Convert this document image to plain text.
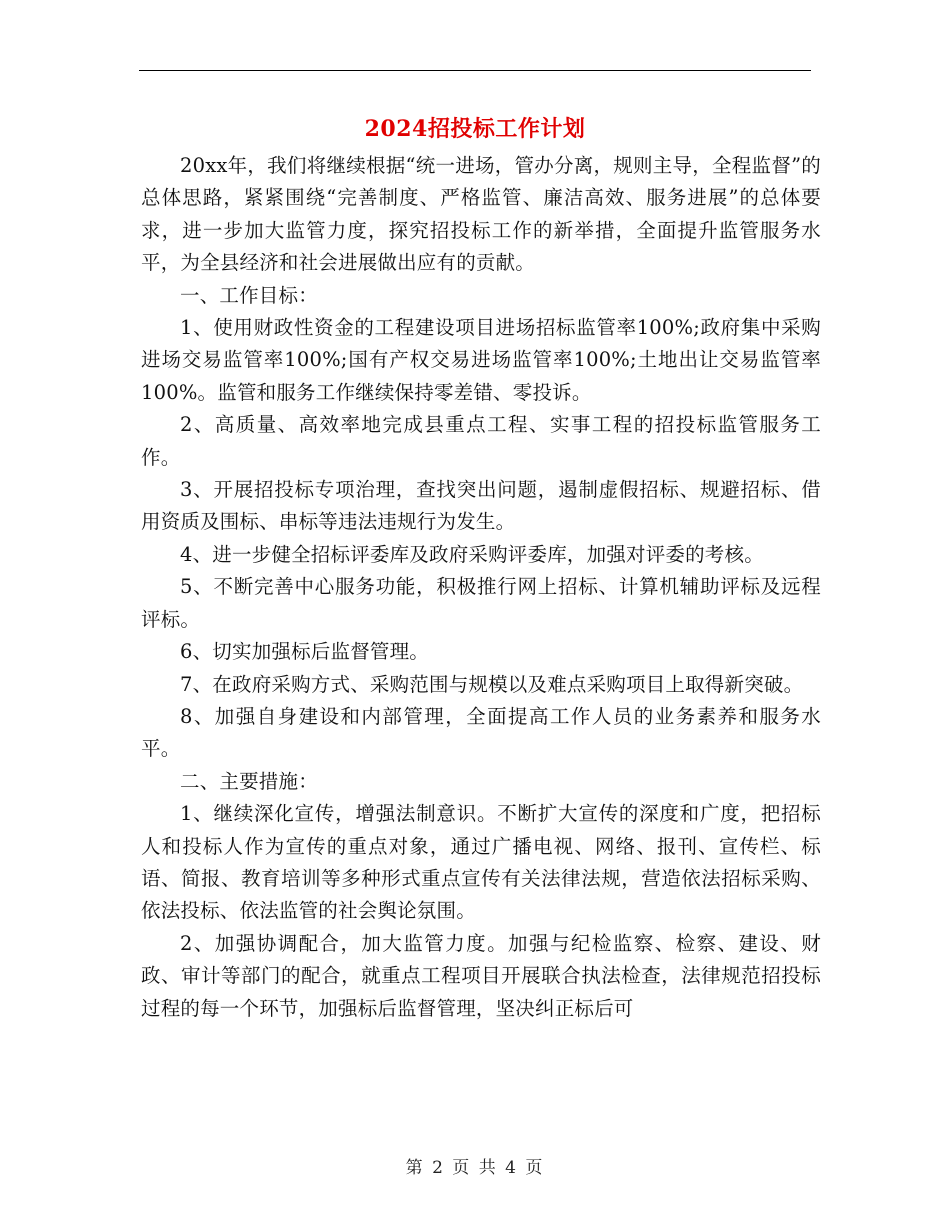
2024招投标工作计划

20xx年，我们将继续根据“统一进场，管办分离，规则主导，全程监督”的总体思路，紧紧围绕“完善制度、严格监管、廉洁高效、服务进展”的总体要求，进一步加大监管力度，探究招投标工作的新举措，全面提升监管服务水平，为全县经济和社会进展做出应有的贡献。

一、工作目标：

1、使用财政性资金的工程建设项目进场招标监管率100%;政府集中采购进场交易监管率100%;国有产权交易进场监管率100%;土地出让交易监管率100%。监管和服务工作继续保持零差错、零投诉。

2、高质量、高效率地完成县重点工程、实事工程的招投标监管服务工作。

3、开展招投标专项治理，查找突出问题，遏制虚假招标、规避招标、借用资质及围标、串标等违法违规行为发生。

4、进一步健全招标评委库及政府采购评委库，加强对评委的考核。

5、不断完善中心服务功能，积极推行网上招标、计算机辅助评标及远程评标。

6、切实加强标后监督管理。

7、在政府采购方式、采购范围与规模以及难点采购项目上取得新突破。

8、加强自身建设和内部管理，全面提高工作人员的业务素养和服务水平。

二、主要措施：

1、继续深化宣传，增强法制意识。不断扩大宣传的深度和广度，把招标人和投标人作为宣传的重点对象，通过广播电视、网络、报刊、宣传栏、标语、简报、教育培训等多种形式重点宣传有关法律法规，营造依法招标采购、依法投标、依法监管的社会舆论氛围。

2、加强协调配合，加大监管力度。加强与纪检监察、检察、建设、财政、审计等部门的配合，就重点工程项目开展联合执法检查，法律规范招投标过程的每一个环节，加强标后监督管理，坚决纠正标后可

第 2 页 共 4 页
